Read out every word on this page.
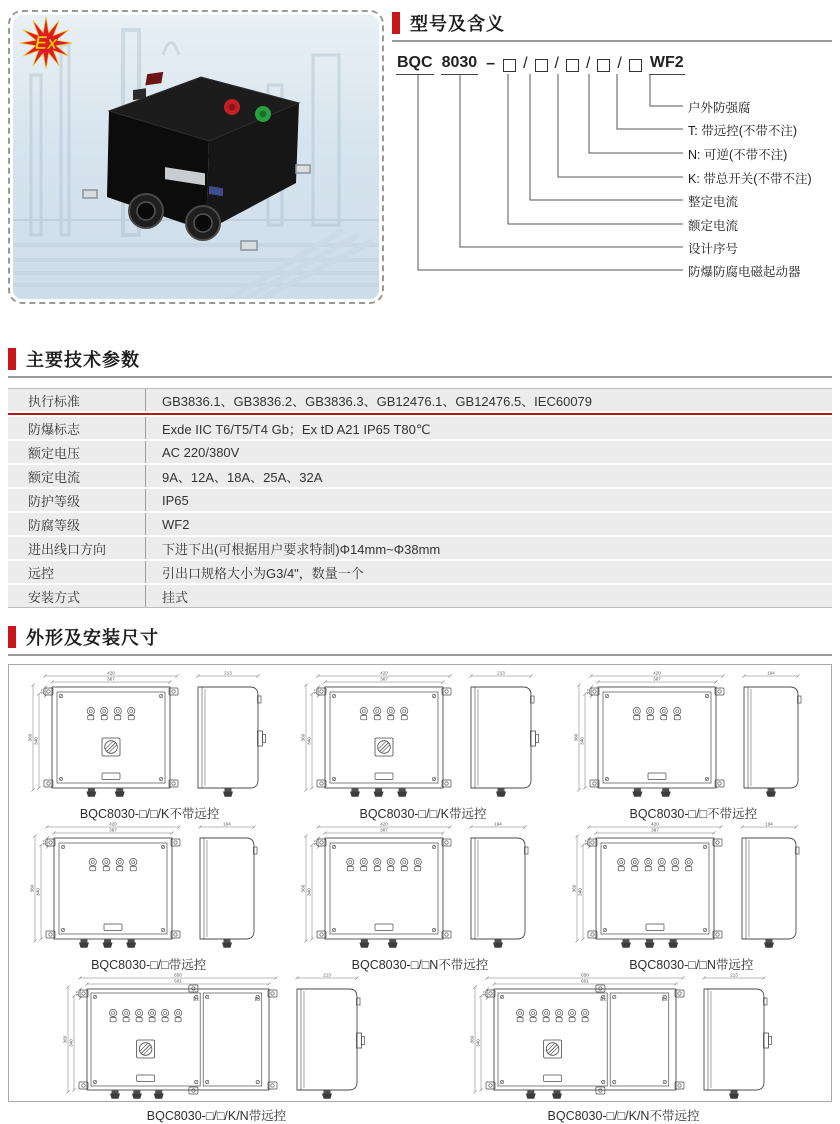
Ex
型号及含义
BQC 8030 – / / / / WF2
户外防强腐
T: 带远控(不带不注)
N: 可逆(不带不注)
K: 带总开关(不带不注)
整定电流
额定电流
设计序号
防爆防腐电磁起动器
主要技术参数
执行标准	GB3836.1、GB3836.2、GB3836.3、GB12476.1、GB12476.5、IEC60079
防爆标志	Exde IIC T6/T5/T4 Gb；Ex tD A21 IP65 T80℃
额定电压	AC 220/380V
额定电流	9A、12A、18A、25A、32A
防护等级	IP65
防腐等级	WF2
进出线口方向	下进下出(可根据用户要求特制)Φ14mm~Φ38mm
远控	引出口规格大小为G3/4"，数量一个
安装方式	挂式
外形及安装尺寸
420
387
360 340
32
213
BQC8030-□/□/K不带远控
420
387
360 340
32
213
BQC8030-□/□/K带远控
420
387
360 340
32
194
BQC8030-□/□不带远控
420
387
360 340
32
194
BQC8030-□/□带远控
420
387
360 340
32
194
BQC8030-□/□N不带远控
420
387
360 340
32
194
BQC8030-□/□N带远控
650
601
360 340
32
Ex	Ex
213
BQC8030-□/□/K/N带远控
650
601
360 340
32
Ex	Ex
213
BQC8030-□/□/K/N不带远控
